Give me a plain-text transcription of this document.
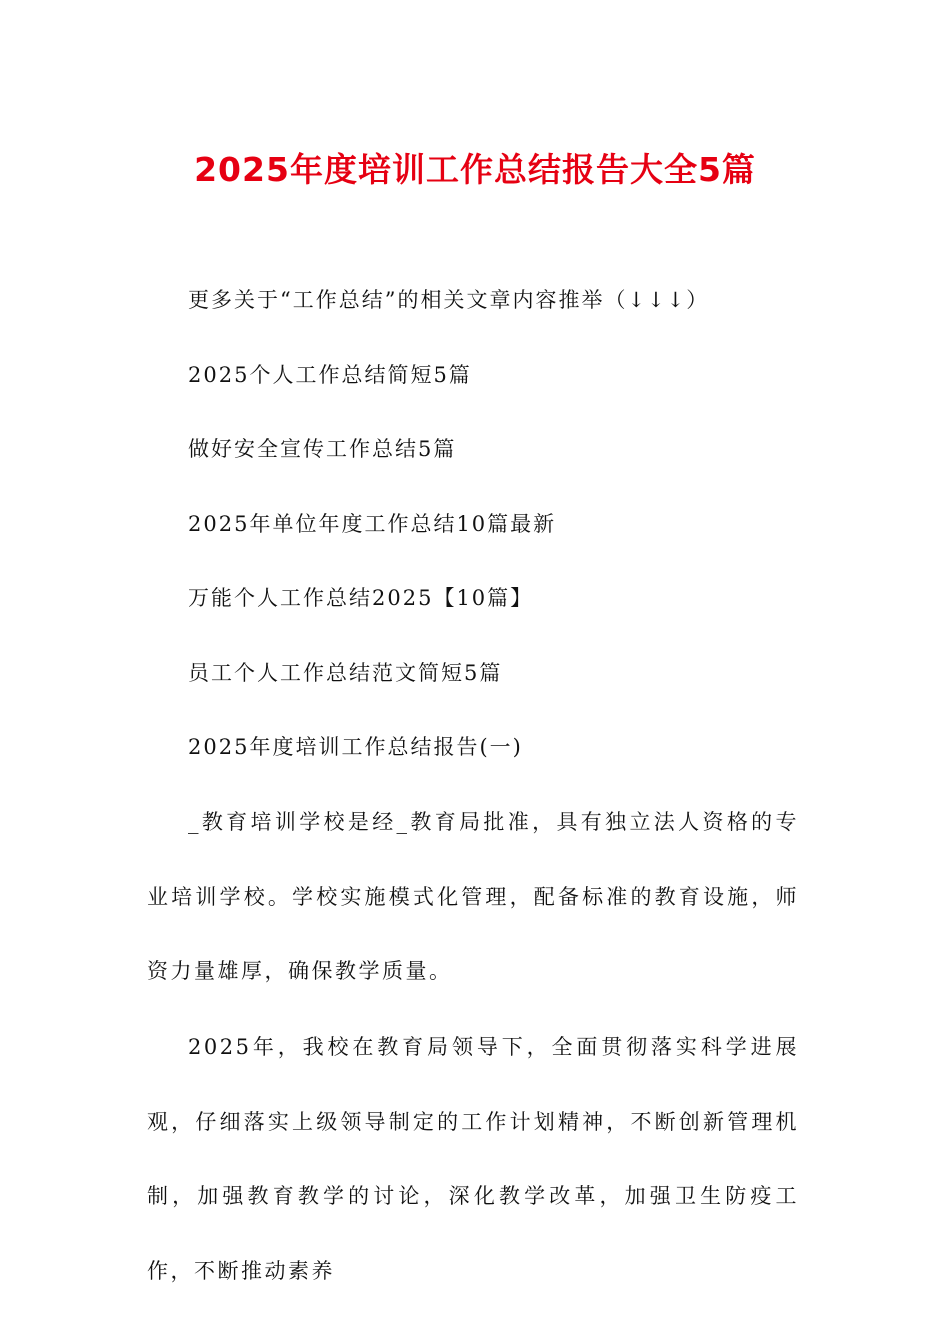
2025年度培训工作总结报告大全5篇
更多关于“工作总结”的相关文章内容推举（↓↓↓）
2025个人工作总结简短5篇
做好安全宣传工作总结5篇
2025年单位年度工作总结10篇最新
万能个人工作总结2025【10篇】
员工个人工作总结范文简短5篇
2025年度培训工作总结报告(一)
_教育培训学校是经_教育局批准，具有独立法人资格的专业培训学校。学校实施模式化管理，配备标准的教育设施，师资力量雄厚，确保教学质量。
2025年，我校在教育局领导下，全面贯彻落实科学进展观，仔细落实上级领导制定的工作计划精神，不断创新管理机制，加强教育教学的讨论，深化教学改革，加强卫生防疫工作，不断推动素养
